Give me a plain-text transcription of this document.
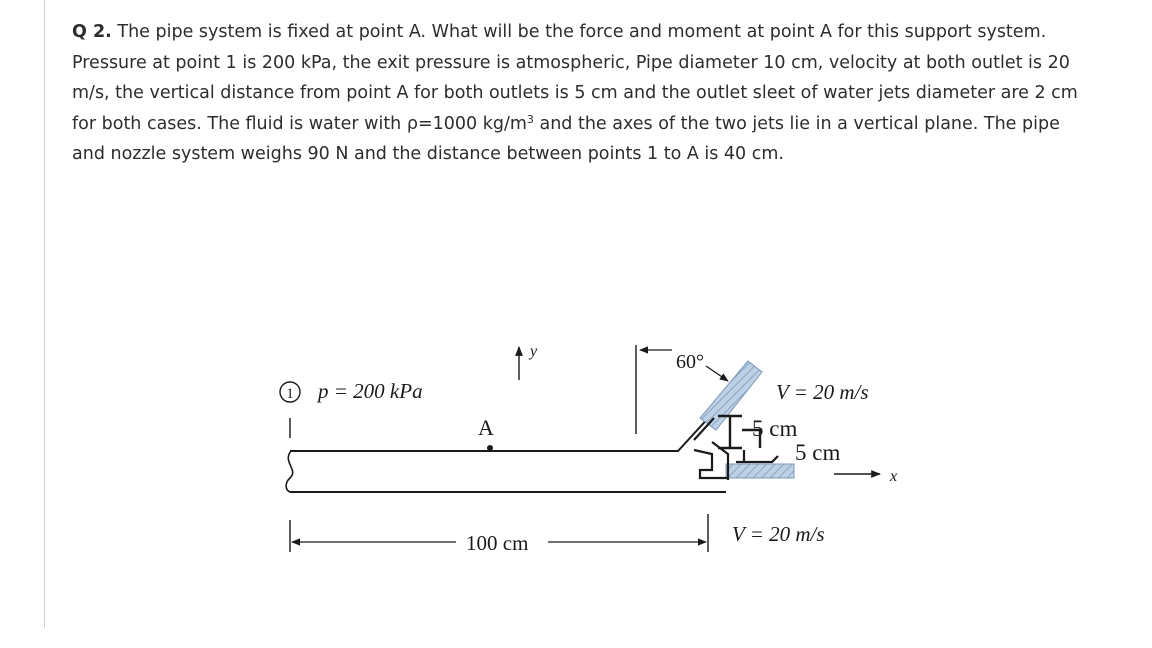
Q 2. The pipe system is fixed at point A. What will be the force and moment at point A for this support system.
Pressure at point 1 is 200 kPa, the exit pressure is atmospheric, Pipe diameter 10 cm, velocity at both outlet is 20
m/s, the vertical distance from point A for both outlets is 5 cm and the outlet sleet of water jets diameter are 2 cm
for both cases. The fluid is water with ρ=1000 $kg/m^3$ and the axes of the two jets lie in a vertical plane. The pipe
and nozzle system weighs 90 N and the distance between points 1 to A is 40 cm.
1 p = 200 kPa
A
y	60°
V = 20 m/s
5 cm
5 cm
x
100 cm	V = 20 m/s
